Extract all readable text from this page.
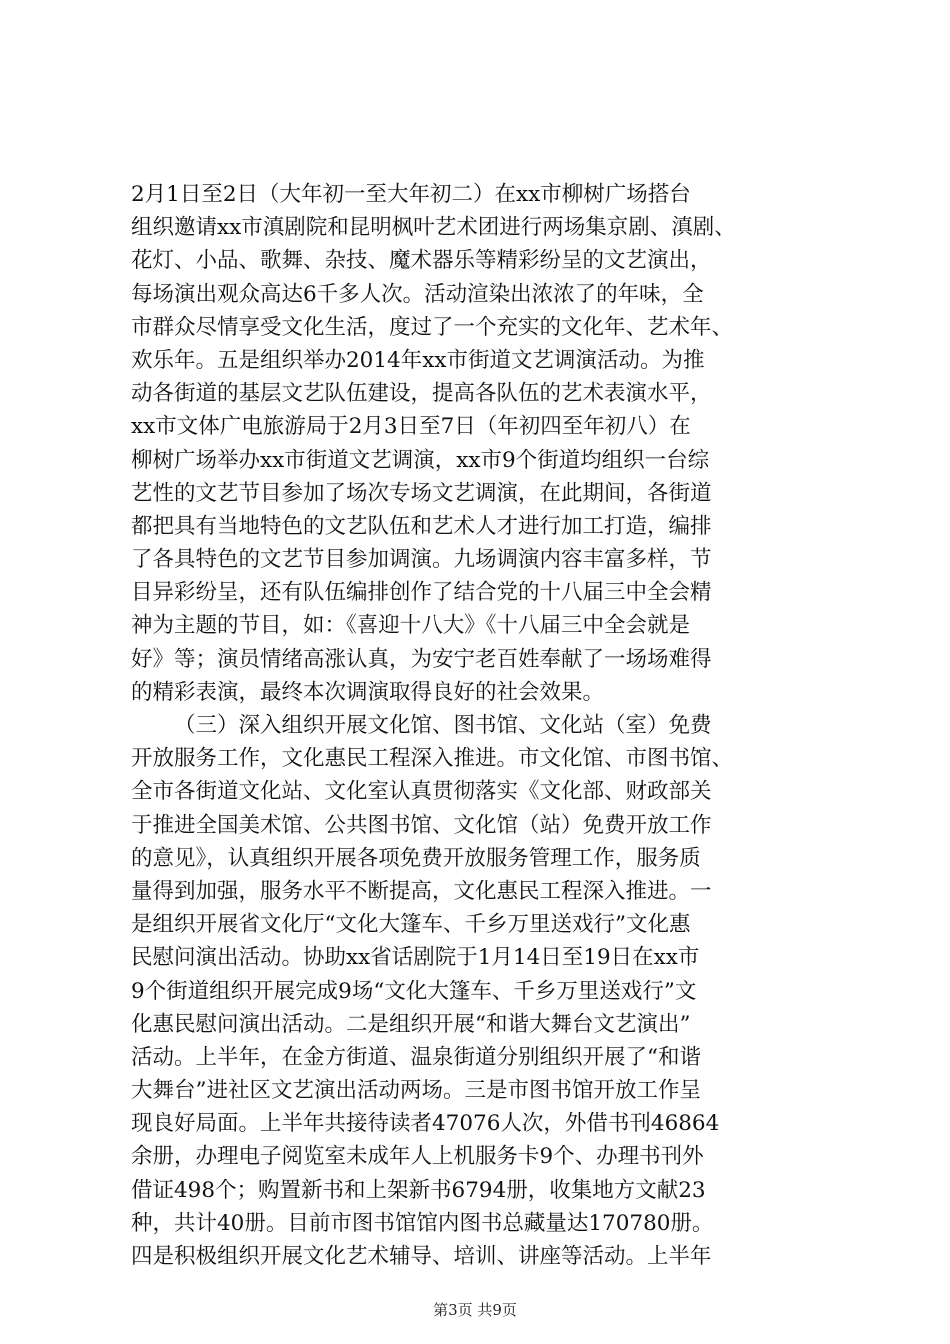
2月1日至2日（大年初一至大年初二）在xx市柳树广场搭台
组织邀请xx市滇剧院和昆明枫叶艺术团进行两场集京剧、滇剧、
花灯、小品、歌舞、杂技、魔术器乐等精彩纷呈的文艺演出，
每场演出观众高达6千多人次。活动渲染出浓浓了的年味，全
市群众尽情享受文化生活，度过了一个充实的文化年、艺术年、
欢乐年。五是组织举办2014年xx市街道文艺调演活动。为推
动各街道的基层文艺队伍建设，提高各队伍的艺术表演水平，
xx市文体广电旅游局于2月3日至7日（年初四至年初八）在
柳树广场举办xx市街道文艺调演，xx市9个街道均组织一台综
艺性的文艺节目参加了场次专场文艺调演，在此期间，各街道
都把具有当地特色的文艺队伍和艺术人才进行加工打造，编排
了各具特色的文艺节目参加调演。九场调演内容丰富多样，节
目异彩纷呈，还有队伍编排创作了结合党的十八届三中全会精
神为主题的节目，如：《喜迎十八大》《十八届三中全会就是
好》等；演员情绪高涨认真，为安宁老百姓奉献了一场场难得
的精彩表演，最终本次调演取得良好的社会效果。
（三）深入组织开展文化馆、图书馆、文化站（室）免费
开放服务工作，文化惠民工程深入推进。市文化馆、市图书馆、
全市各街道文化站、文化室认真贯彻落实《文化部、财政部关
于推进全国美术馆、公共图书馆、文化馆（站）免费开放工作
的意见》，认真组织开展各项免费开放服务管理工作，服务质
量得到加强，服务水平不断提高，文化惠民工程深入推进。一
是组织开展省文化厅“文化大篷车、千乡万里送戏行”文化惠
民慰问演出活动。协助xx省话剧院于1月14日至19日在xx市
9个街道组织开展完成9场“文化大篷车、千乡万里送戏行”文
化惠民慰问演出活动。二是组织开展“和谐大舞台文艺演出”
活动。上半年，在金方街道、温泉街道分别组织开展了“和谐
大舞台”进社区文艺演出活动两场。三是市图书馆开放工作呈
现良好局面。上半年共接待读者47076人次，外借书刊46864
余册，办理电子阅览室未成年人上机服务卡9个、办理书刊外
借证498个；购置新书和上架新书6794册，收集地方文献23
种，共计40册。目前市图书馆馆内图书总藏量达170780册。
四是积极组织开展文化艺术辅导、培训、讲座等活动。上半年
第3页 共9页
